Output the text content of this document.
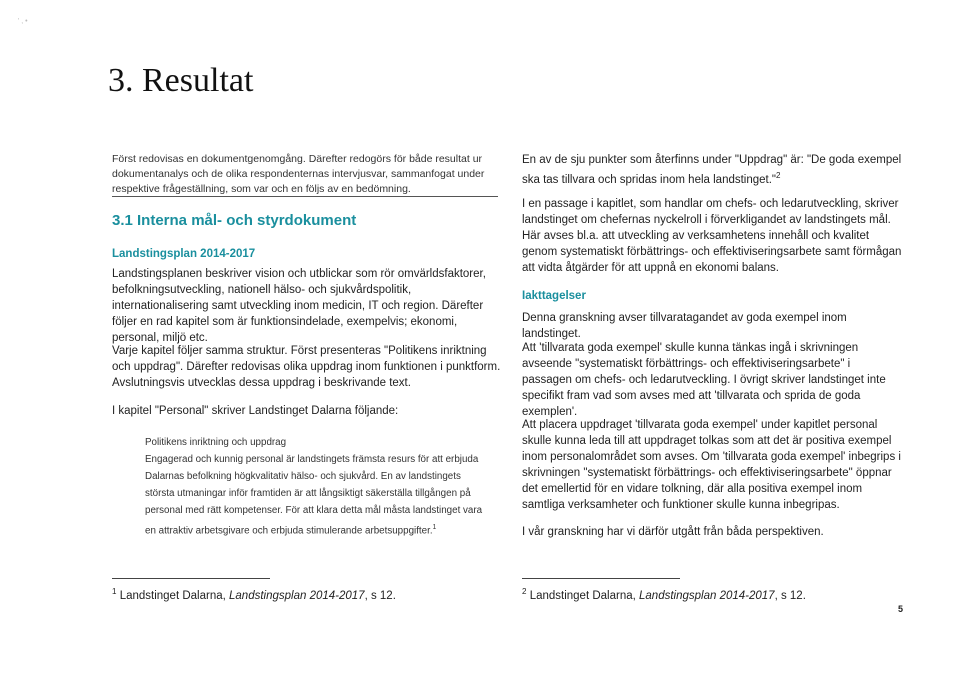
' , •
3. Resultat

Först redovisas en dokumentgenomgång. Därefter redogörs för både resultat ur dokumentanalys och de olika respondenternas intervjusvar, sammanfogat under respektive frågeställning, som var och en följs av en bedömning.

3.1 Interna mål- och styrdokument
Landstingsplan 2014-2017

Landstingsplanen beskriver vision och utblickar som rör omvärldsfaktorer, befolkningsutveckling, nationell hälso- och sjukvårdspolitik, internationalisering samt utveckling inom medicin, IT och region. Därefter följer en rad kapitel som är funktionsindelade, exempelvis; ekonomi, personal, miljö etc.

Varje kapitel följer samma struktur. Först presenteras "Politikens inriktning och uppdrag". Därefter redovisas olika uppdrag inom funktionen i punktform. Avslutningsvis utvecklas dessa uppdrag i beskrivande text.

I kapitel "Personal" skriver Landstinget Dalarna följande:

Politikens inriktning och uppdrag
Engagerad och kunnig personal är landstingets främsta resurs för att erbjuda Dalarnas befolkning högkvalitativ hälso- och sjukvård. En av landstingets största utmaningar inför framtiden är att långsiktigt säkerställa tillgången på personal med rätt kompetenser. För att klara detta mål måsta landstinget vara en attraktiv arbetsgivare och erbjuda stimulerande arbetsuppgifter.$^1$
$^1$ Landstinget Dalarna, Landstingsplan 2014-2017, s 12.

En av de sju punkter som återfinns under "Uppdrag" är: "De goda exempel ska tas tillvara och spridas inom hela landstinget."$^2$

I en passage i kapitlet, som handlar om chefs- och ledarutveckling, skriver landstinget om chefernas nyckelroll i förverkligandet av landstingets mål. Här avses bl.a. att utveckling av verksamhetens innehåll och kvalitet genom systematiskt förbättrings- och effektiviseringsarbete samt förmågan att vidta åtgärder för att uppnå en ekonomi balans.

Iakttagelser

Denna granskning avser tillvaratagandet av goda exempel inom landstinget.

Att 'tillvarata goda exempel' skulle kunna tänkas ingå i skrivningen avseende "systematiskt förbättrings- och effektiviseringsarbete" i passagen om chefs- och ledarutveckling. I övrigt skriver landstinget inte specifikt fram vad som avses med att 'tillvarata och sprida de goda exemplen'.

Att placera uppdraget 'tillvarata goda exempel' under kapitlet personal skulle kunna leda till att uppdraget tolkas som att det är positiva exempel inom personalområdet som avses. Om 'tillvarata goda exempel' inbegrips i skrivningen "systematiskt förbättrings- och effektiviseringsarbete" öppnar det emellertid för en vidare tolkning, där alla positiva exempel inom samtliga verksamheter och funktioner skulle kunna inbegripas.

I vår granskning har vi därför utgått från båda perspektiven.

$^2$ Landstinget Dalarna, Landstingsplan 2014-2017, s 12.
5
